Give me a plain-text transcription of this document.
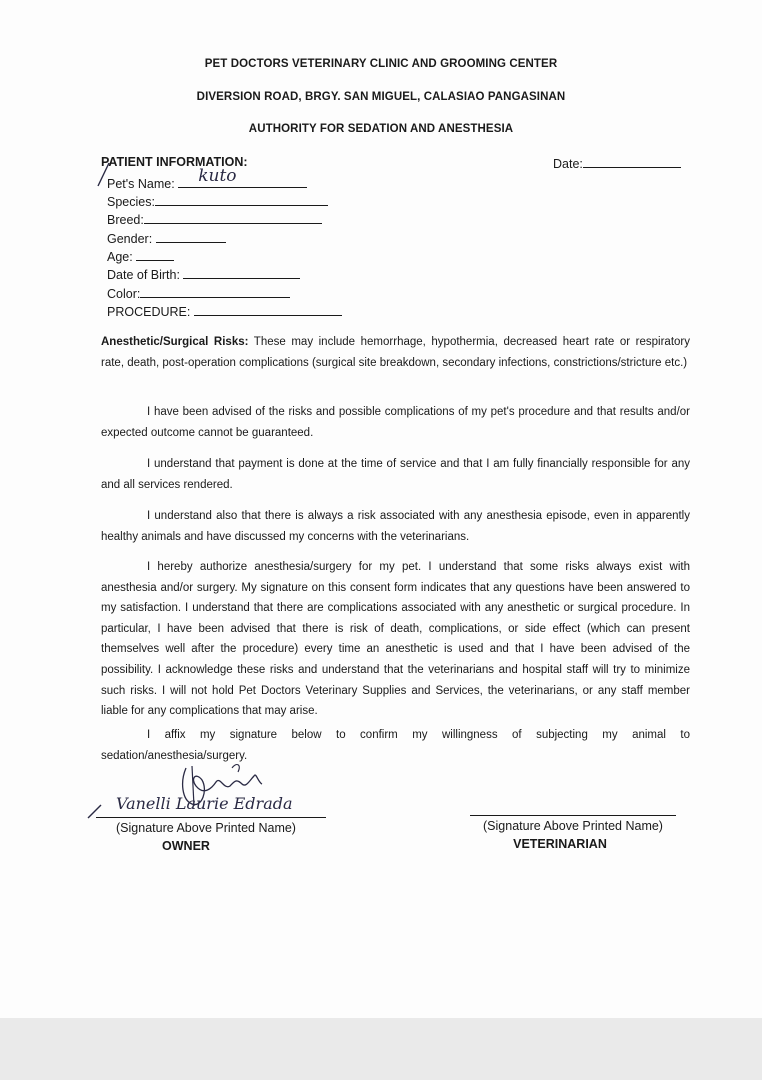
PET DOCTORS VETERINARY CLINIC AND GROOMING CENTER
DIVERSION ROAD, BRGY. SAN MIGUEL, CALASIAO PANGASINAN
AUTHORITY FOR SEDATION AND ANESTHESIA
PATIENT INFORMATION:	Date:
Pet's Name: kuto
Species:
Breed:
Gender:
Age:
Date of Birth:
Color:
PROCEDURE:
Anesthetic/Surgical Risks: These may include hemorrhage, hypothermia, decreased heart rate or respiratory rate, death, post-operation complications (surgical site breakdown, secondary infections, constrictions/stricture etc.)
I have been advised of the risks and possible complications of my pet's procedure and that results and/or expected outcome cannot be guaranteed.
I understand that payment is done at the time of service and that I am fully financially responsible for any and all services rendered.
I understand also that there is always a risk associated with any anesthesia episode, even in apparently healthy animals and have discussed my concerns with the veterinarians.
I hereby authorize anesthesia/surgery for my pet. I understand that some risks always exist with anesthesia and/or surgery. My signature on this consent form indicates that any questions have been answered to my satisfaction. I understand that there are complications associated with any anesthetic or surgical procedure. In particular, I have been advised that there is risk of death, complications, or side effect (which can present themselves well after the procedure) every time an anesthetic is used and that I have been advised of the possibility. I acknowledge these risks and understand that the veterinarians and hospital staff will try to minimize such risks. I will not hold Pet Doctors Veterinary Supplies and Services, the veterinarians, or any staff member liable for any complications that may arise.
I affix my signature below to confirm my willingness of subjecting my animal to sedation/anesthesia/surgery.
Vanelli Laurie Edrada
(Signature Above Printed Name)
OWNER
(Signature Above Printed Name)
VETERINARIAN
